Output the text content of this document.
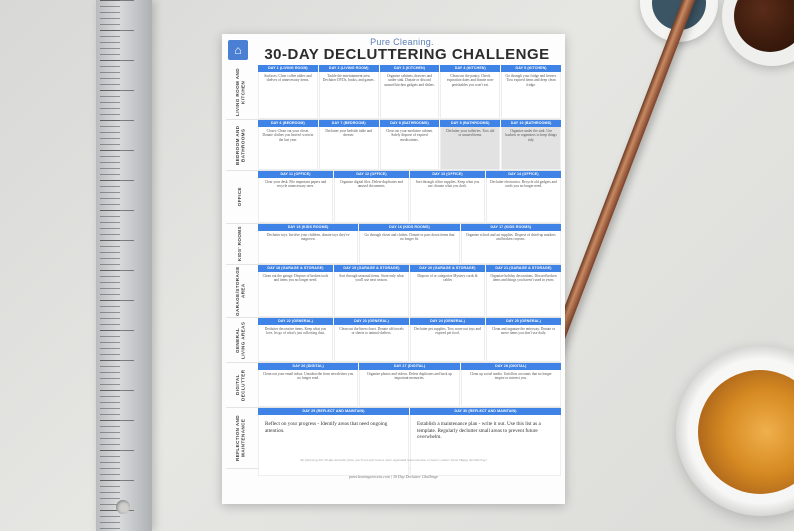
⌂
Pure Cleaning.
30-DAY DECLUTTERING CHALLENGE
LIVING ROOM AND KITCHEN
DAY 1 (LIVING ROOM)
Surfaces: Clear coffee tables and shelves of unnecessary items.
DAY 2 (LIVING ROOM)
Tackle the entertainment area. Declutter DVDs, books, and games.
DAY 3 (KITCHEN)
Organize cabinets, drawers and under sink. Donate or discard unused kitchen gadgets and dishes.
DAY 4 (KITCHEN)
Clean out the pantry. Check expiration dates and donate non-perishables you won't eat.
DAY 5 (KITCHEN)
Go through your fridge and freezer. Toss expired items and deep clean fridge.
BEDROOM AND BATHROOMS
DAY 6 (BEDROOM)
Closet: Clean out your closet. Donate clothes you haven't worn in the last year.
DAY 7 (BEDROOM)
Declutter your bedside table and dresser.
DAY 8 (BATHROOMS)
Clear out your medicine cabinet. Safely dispose of expired medications.
DAY 9 (BATHROOMS)
Declutter your toiletries. Toss old or unused items.
DAY 10 (BATHROOMS)
Organize under the sink. Use baskets or organizers to keep things tidy.
OFFICE
DAY 11 (OFFICE)
Clear your desk. File important papers and recycle unnecessary ones.
DAY 12 (OFFICE)
Organize digital files. Delete duplicates and unused documents.
DAY 13 (OFFICE)
Sort through office supplies. Keep what you use, donate what you don't.
DAY 14 (OFFICE)
Declutter electronics. Recycle old gadgets and cords you no longer need.
KIDS' ROOMS	DAY 15 (KIDS ROOMS)
Declutter toys. Involve your children, donate toys they've outgrown.
DAY 16 (KIDS ROOMS)
Go through closet and clothes. Donate or pass down items that no longer fit.
DAY 17 (KIDS ROOMS)
Organize school and art supplies. Dispose of dried-up markers and broken crayons.
GARAGE/STORAGE AREA
DAY 18 (GARAGE & STORAGE)
Clean out the garage. Dispose of broken tools and items you no longer need.
DAY 19 (GARAGE & STORAGE)
Sort through seasonal items. Store only what you'll use next season.
DAY 20 (GARAGE & STORAGE)
Dispose of or categorize Mystery cords & cables
DAY 21 (GARAGE & STORAGE)
Organize holiday decorations. Discard broken items and things you haven't used in years.
GENERAL LIVING AREAS
DAY 22 (GENERAL)
Declutter decorative items. Keep what you love, let go of what's just collecting dust.
DAY 23 (GENERAL)
Clean out the linen closet. Donate old towels or sheets to animal shelters.
DAY 24 (GENERAL)
Declutter pet supplies. Toss worn-out toys and expired pet food.
DAY 25 (GENERAL)
Clean and organize the entryway. Donate or move items you don't use daily.
DIGITAL DECLUTTER
DAY 26 (DIGITAL)
Clean out your email inbox. Unsubscribe from newsletters you no longer read.
DAY 27 (DIGITAL)
Organize photos and videos. Delete duplicates and back up important memories.
DAY 28 (DIGITAL)
Clean up social media. Unfollow accounts that no longer inspire or interest you.
REFLECTION AND MAINTENANCE
DAY 29 (REFLECT AND MAINTAIN)
Reflect on your progress - Identify areas that need ongoing attention.
DAY 30 (REFLECT AND MAINTAIN)
Establish a maintenance plan - write it out. Use this list as a template. Regularly declutter small areas to prevent future overwhelm.
By following this 30-day declutter plan, you'll not only have a more organized home but also a clearer, calmer mind. Happy decluttering!
purecleaningvictoria.com | 30 Day Declutter Challenge
